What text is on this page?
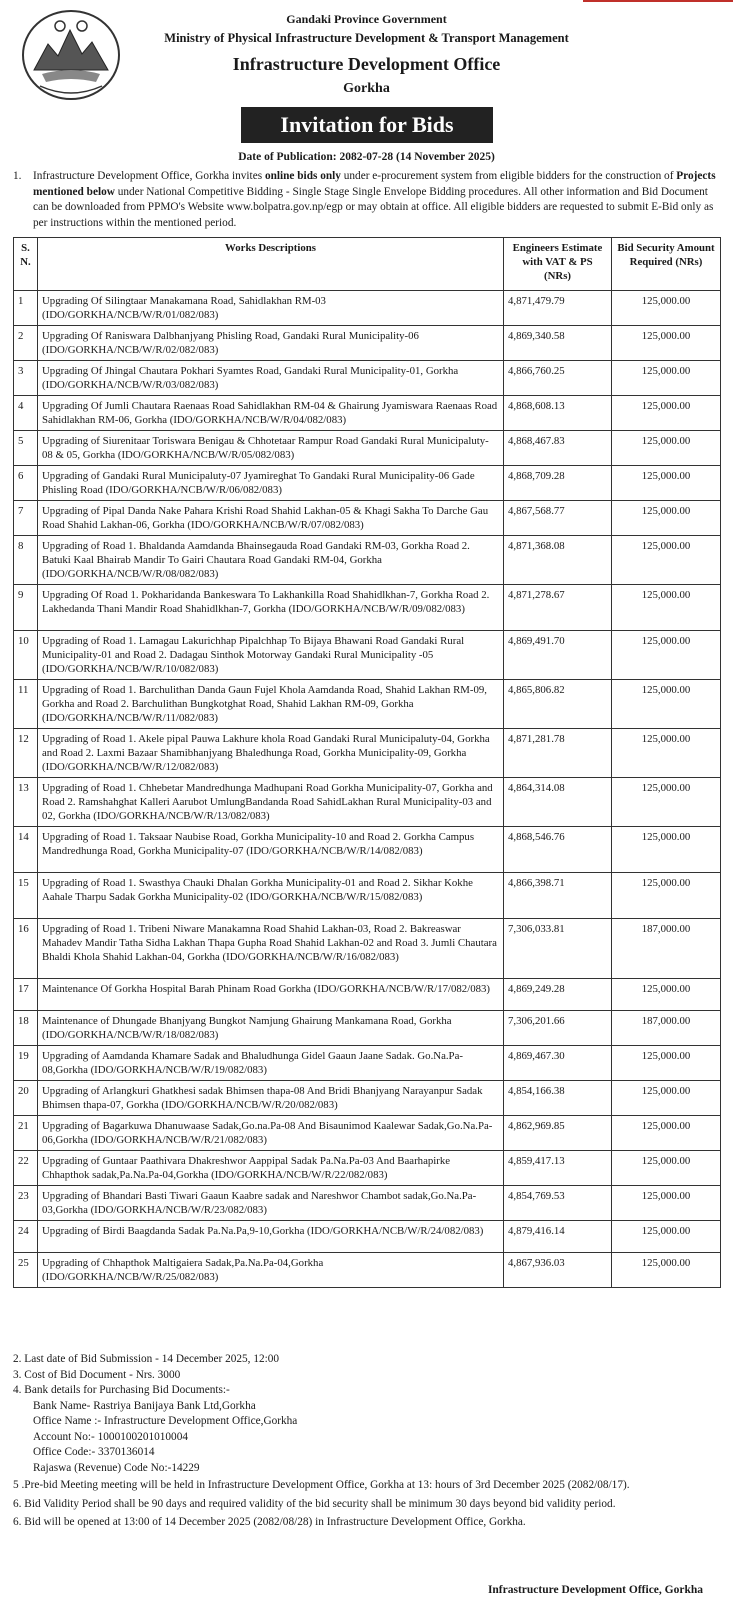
Gandaki Province Government
Ministry of Physical Infrastructure Development & Transport Management
Infrastructure Development Office
Gorkha
Invitation for Bids
Date of Publication: 2082-07-28 (14 November 2025)
1. Infrastructure Development Office, Gorkha invites online bids only under e-procurement system from eligible bidders for the construction of Projects mentioned below under National Competitive Bidding - Single Stage Single Envelope Bidding procedures. All other information and Bid Document can be downloaded from PPMO's Website www.bolpatra.gov.np/egp or may obtain at office. All eligible bidders are requested to submit E-Bid only as per instructions within the mentioned period.
S. N.	Works Descriptions	Engineers Estimate with VAT & PS (NRs)	Bid Security Amount Required (NRs)
1	Upgrading Of Silingtaar Manakamana Road, Sahidlakhan RM-03 (IDO/GORKHA/NCB/W/R/01/082/083)	4,871,479.79	125,000.00
2	Upgrading Of Raniswara Dalbhanjyang Phisling Road, Gandaki Rural Municipality-06 (IDO/GORKHA/NCB/W/R/02/082/083)	4,869,340.58	125,000.00
3	Upgrading Of Jhingal Chautara Pokhari Syamtes Road, Gandaki Rural Municipality-01, Gorkha (IDO/GORKHA/NCB/W/R/03/082/083)	4,866,760.25	125,000.00
4	Upgrading Of Jumli Chautara Raenaas Road Sahidlakhan RM-04 & Ghairung Jyamiswara Raenaas Road Sahidlakhan RM-06, Gorkha (IDO/GORKHA/NCB/W/R/04/082/083)	4,868,608.13	125,000.00
5	Upgrading of Siurenitaar Toriswara Benigau & Chhotetaar Rampur Road Gandaki Rural Municipaluty-08 & 05, Gorkha (IDO/GORKHA/NCB/W/R/05/082/083)	4,868,467.83	125,000.00
6	Upgrading of Gandaki Rural Municipaluty-07 Jyamireghat To Gandaki Rural Municipality-06 Gade Phisling Road (IDO/GORKHA/NCB/W/R/06/082/083)	4,868,709.28	125,000.00
7	Upgrading of Pipal Danda Nake Pahara Krishi Road Shahid Lakhan-05 & Khagi Sakha To Darche Gau Road Shahid Lakhan-06, Gorkha (IDO/GORKHA/NCB/W/R/07/082/083)	4,867,568.77	125,000.00
8	Upgrading of Road 1. Bhaldanda Aamdanda Bhainsegauda Road Gandaki RM-03, Gorkha Road 2. Batuki Kaal Bhairab Mandir To Gairi Chautara Road Gandaki RM-04, Gorkha (IDO/GORKHA/NCB/W/R/08/082/083)	4,871,368.08	125,000.00
9	Upgrading Of Road 1. Pokharidanda Bankeswara To Lakhankilla Road Shahidlkhan-7, Gorkha Road 2. Lakhedanda Thani Mandir Road Shahidlkhan-7, Gorkha (IDO/GORKHA/NCB/W/R/09/082/083)	4,871,278.67	125,000.00
10	Upgrading of Road 1. Lamagau Lakurichhap Pipalchhap To Bijaya Bhawani Road Gandaki Rural Municipality-01 and Road 2. Dadagau Sinthok Motorway Gandaki Rural Municipality -05 (IDO/GORKHA/NCB/W/R/10/082/083)	4,869,491.70	125,000.00
11	Upgrading of Road 1. Barchulithan Danda Gaun Fujel Khola Aamdanda Road, Shahid Lakhan RM-09, Gorkha and Road 2. Barchulithan Bungkotghat Road, Shahid Lakhan RM-09, Gorkha (IDO/GORKHA/NCB/W/R/11/082/083)	4,865,806.82	125,000.00
12	Upgrading of Road 1. Akele pipal Pauwa Lakhure khola Road Gandaki Rural Municipaluty-04, Gorkha and Road 2. Laxmi Bazaar Shamibhanjyang Bhaledhunga Road, Gorkha Municipality-09, Gorkha (IDO/GORKHA/NCB/W/R/12/082/083)	4,871,281.78	125,000.00
13	Upgrading of Road 1. Chhebetar Mandredhunga Madhupani Road Gorkha Municipality-07, Gorkha and Road 2. Ramshahghat Kalleri Aarubot UmlungBandanda Road SahidLakhan Rural Municipality-03 and 02, Gorkha (IDO/GORKHA/NCB/W/R/13/082/083)	4,864,314.08	125,000.00
14	Upgrading of Road 1. Taksaar Naubise Road, Gorkha Municipality-10 and Road 2. Gorkha Campus Mandredhunga Road, Gorkha Municipality-07 (IDO/GORKHA/NCB/W/R/14/082/083)	4,868,546.76	125,000.00
15	Upgrading of Road 1. Swasthya Chauki Dhalan Gorkha Municipality-01 and Road 2. Sikhar Kokhe Aahale Tharpu Sadak Gorkha Municipality-02 (IDO/GORKHA/NCB/W/R/15/082/083)	4,866,398.71	125,000.00
16	Upgrading of Road 1. Tribeni Niware Manakamna Road Shahid Lakhan-03, Road 2. Bakreaswar Mahadev Mandir Tatha Sidha Lakhan Thapa Gupha Road Shahid Lakhan-02 and Road 3. Jumli Chautara Bhaldi Khola Shahid Lakhan-04, Gorkha (IDO/GORKHA/NCB/W/R/16/082/083)	7,306,033.81	187,000.00
17	Maintenance Of Gorkha Hospital Barah Phinam Road Gorkha (IDO/GORKHA/NCB/W/R/17/082/083)	4,869,249.28	125,000.00
18	Maintenance of Dhungade Bhanjyang Bungkot Namjung Ghairung Mankamana Road, Gorkha (IDO/GORKHA/NCB/W/R/18/082/083)	7,306,201.66	187,000.00
19	Upgrading of Aamdanda Khamare Sadak and Bhaludhunga Gidel Gaaun Jaane Sadak. Go.Na.Pa-08,Gorkha (IDO/GORKHA/NCB/W/R/19/082/083)	4,869,467.30	125,000.00
20	Upgrading of Arlangkuri Ghatkhesi sadak Bhimsen thapa-08 And Bridi Bhanjyang Narayanpur Sadak Bhimsen thapa-07, Gorkha (IDO/GORKHA/NCB/W/R/20/082/083)	4,854,166.38	125,000.00
21	Upgrading of Bagarkuwa Dhanuwaase Sadak,Go.na.Pa-08 And Bisaunimod Kaalewar Sadak,Go.Na.Pa-06,Gorkha (IDO/GORKHA/NCB/W/R/21/082/083)	4,862,969.85	125,000.00
22	Upgrading of Guntaar Paathivara Dhakreshwor Aappipal Sadak Pa.Na.Pa-03 And Baarhapirke Chhapthok sadak,Pa.Na.Pa-04,Gorkha (IDO/GORKHA/NCB/W/R/22/082/083)	4,859,417.13	125,000.00
23	Upgrading of Bhandari Basti Tiwari Gaaun Kaabre sadak and Nareshwor Chambot sadak,Go.Na.Pa-03,Gorkha (IDO/GORKHA/NCB/W/R/23/082/083)	4,854,769.53	125,000.00
24	Upgrading of Birdi Baagdanda Sadak Pa.Na.Pa,9-10,Gorkha (IDO/GORKHA/NCB/W/R/24/082/083)	4,879,416.14	125,000.00
25	Upgrading of Chhapthok Maltigaiera Sadak,Pa.Na.Pa-04,Gorkha (IDO/GORKHA/NCB/W/R/25/082/083)	4,867,936.03	125,000.00
2. Last date of Bid Submission - 14 December 2025, 12:00
3. Cost of Bid Document - Nrs. 3000
4. Bank details for Purchasing Bid Documents:-
Bank Name- Rastriya Banijaya Bank Ltd,Gorkha
Office Name :- Infrastructure Development Office,Gorkha
Account No:- 1000100201010004
Office Code:- 3370136014
Rajaswa (Revenue) Code No:-14229
5 .Pre-bid Meeting meeting will be held in Infrastructure Development Office, Gorkha at 13: hours of 3rd December 2025 (2082/08/17).
6. Bid Validity Period shall be 90 days and required validity of the bid security shall be minimum 30 days beyond bid validity period.
6. Bid will be opened at 13:00 of 14 December 2025 (2082/08/28) in Infrastructure Development Office, Gorkha.
Infrastructure Development Office, Gorkha
